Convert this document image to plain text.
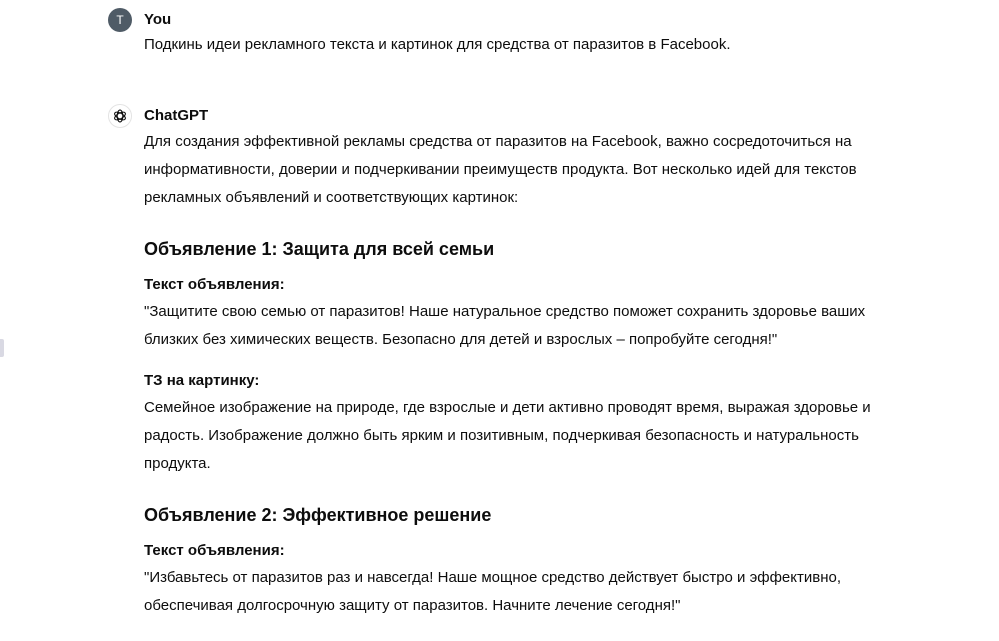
T	You

Подкинь идеи рекламного текста и картинок для средства от паразитов в Facebook.

ChatGPT

Для создания эффективной рекламы средства от паразитов на Facebook, важно сосредоточиться на информативности, доверии и подчеркивании преимуществ продукта. Вот несколько идей для текстов рекламных объявлений и соответствующих картинок:

Объявление 1: Защита для всей семьи

Текст объявления:

"Защитите свою семью от паразитов! Наше натуральное средство поможет сохранить здоровье ваших близких без химических веществ. Безопасно для детей и взрослых – попробуйте сегодня!"

ТЗ на картинку:

Семейное изображение на природе, где взрослые и дети активно проводят время, выражая здоровье и радость. Изображение должно быть ярким и позитивным, подчеркивая безопасность и натуральность продукта.

Объявление 2: Эффективное решение

Текст объявления:

"Избавьтесь от паразитов раз и навсегда! Наше мощное средство действует быстро и эффективно, обеспечивая долгосрочную защиту от паразитов. Начните лечение сегодня!"
